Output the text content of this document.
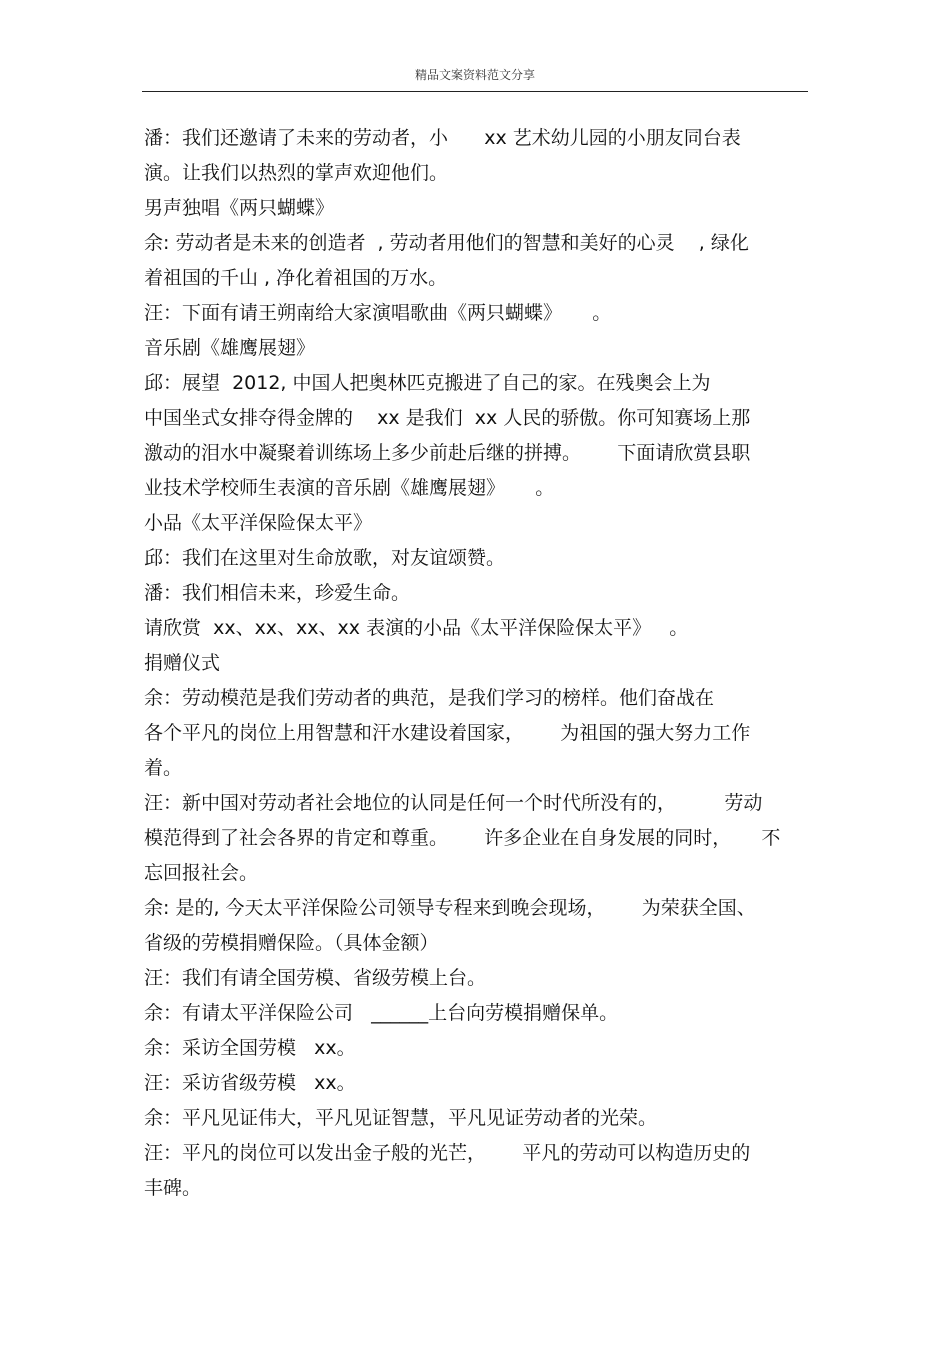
精品文案资料范文分享
潘：我们还邀请了未来的劳动者，小      xx 艺术幼儿园的小朋友同台表
演。让我们以热烈的掌声欢迎他们。
男声独唱《两只蝴蝶》
余: 劳动者是未来的创造者  , 劳动者用他们的智慧和美好的心灵    , 绿化
着祖国的千山 , 净化着祖国的万水。
汪：下面有请王朔南给大家演唱歌曲《两只蝴蝶》     。
音乐剧《雄鹰展翅》
邱：展望  2012, 中国人把奥林匹克搬进了自己的家。在残奥会上为
中国坐式女排夺得金牌的    xx 是我们  xx 人民的骄傲。你可知赛场上那
激动的泪水中凝聚着训练场上多少前赴后继的拼搏。      下面请欣赏县职
业技术学校师生表演的音乐剧《雄鹰展翅》     。
小品《太平洋保险保太平》
邱：我们在这里对生命放歌，对友谊颂赞。
潘：我们相信未来，珍爱生命。
请欣赏  xx、xx、xx、xx 表演的小品《太平洋保险保太平》   。
捐赠仪式
余：劳动模范是我们劳动者的典范，是我们学习的榜样。他们奋战在
各个平凡的岗位上用智慧和汗水建设着国家，      为祖国的强大努力工作
着。
汪：新中国对劳动者社会地位的认同是任何一个时代所没有的，        劳动
模范得到了社会各界的肯定和尊重。      许多企业在自身发展的同时，     不
忘回报社会。
余: 是的, 今天太平洋保险公司领导专程来到晚会现场，      为荣获全国、
省级的劳模捐赠保险。（具体金额）
汪：我们有请全国劳模、省级劳模上台。
余：有请太平洋保险公司   ______上台向劳模捐赠保单。
余：采访全国劳模   xx。
汪：采访省级劳模   xx。
余：平凡见证伟大，平凡见证智慧，平凡见证劳动者的光荣。
汪：平凡的岗位可以发出金子般的光芒，      平凡的劳动可以构造历史的
丰碑。
